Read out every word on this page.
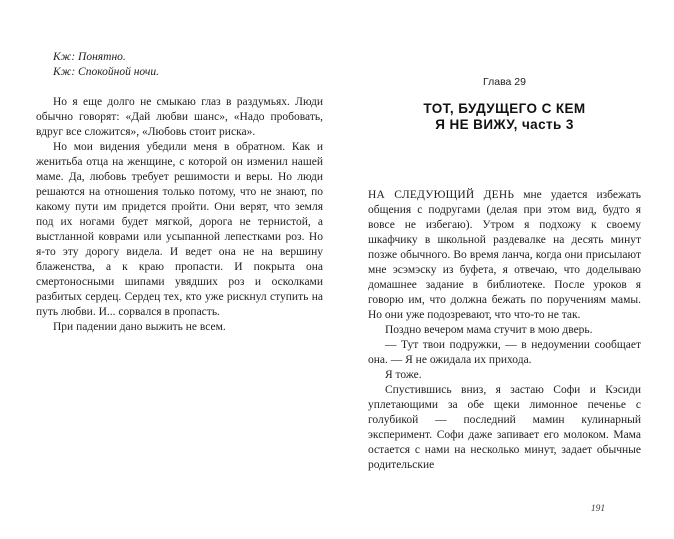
Кж: Понятно.

Кж: Спокойной ночи.

Но я еще долго не смыкаю глаз в раздумьях. Люди обычно говорят: «Дай любви шанс», «Надо пробовать, вдруг все сложится», «Любовь стоит риска».

Но мои видения убедили меня в обратном. Как и женитьба отца на женщине, с которой он изменил нашей маме. Да, любовь требует решимости и веры. Но люди решаются на отношения только потому, что не знают, по какому пути им придется пройти. Они верят, что земля под их ногами будет мягкой, дорога не тернистой, а выстланной коврами или усыпанной лепестками роз. Но я-то эту дорогу видела. И ведет она не на вершину блаженства, а к краю пропасти. И покрыта она смертоносными шипами увядших роз и осколками разбитых сердец. Сердец тех, кто уже рискнул ступить на путь любви. И... сорвался в пропасть.

При падении дано выжить не всем.

Глава 29

ТОТ, БУДУЩЕГО С КЕМ
Я НЕ ВИЖУ, часть 3

НА СЛЕДУЮЩИЙ ДЕНЬ мне удается избежать общения с подругами (делая при этом вид, будто я вовсе не избегаю). Утром я подхожу к своему шкафчику в школьной раздевалке на десять минут позже обычного. Во время ланча, когда они присылают мне эсэмэску из буфета, я отвечаю, что доделываю домашнее задание в библиотеке. После уроков я говорю им, что должна бежать по поручениям мамы. Но они уже подозревают, что что-то не так.

Поздно вечером мама стучит в мою дверь.

— Тут твои подружки, — в недоумении сообщает она. — Я не ожидала их прихода.

Я тоже.

Спустившись вниз, я застаю Софи и Кэсиди уплетающими за обе щеки лимонное печенье с голубикой — последний мамин кулинарный эксперимент. Софи даже запивает его молоком. Мама остается с нами на несколько минут, задает обычные родительские

191
